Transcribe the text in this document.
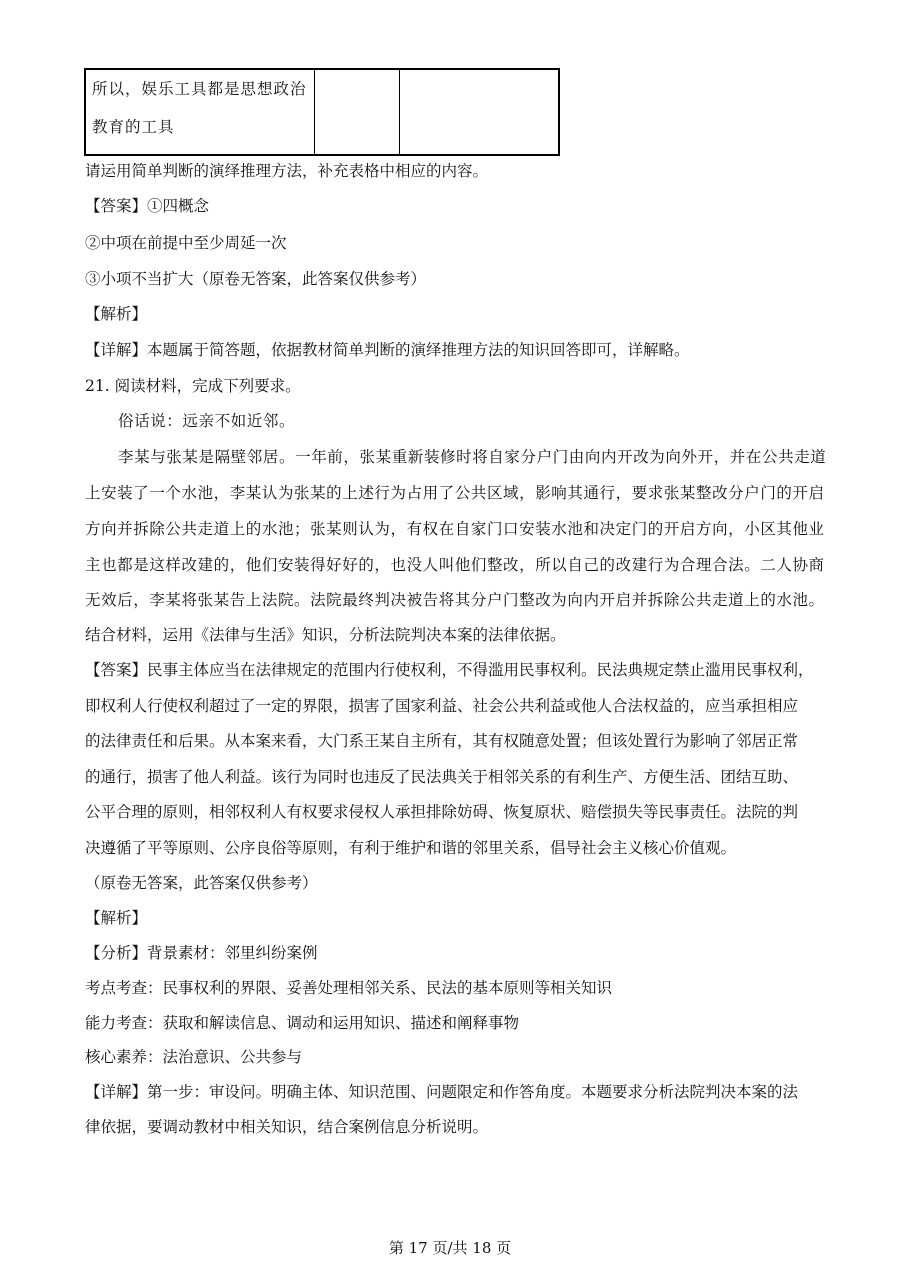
所以，娱乐工具都是思想政治
教育的工具

请运用简单判断的演绎推理方法，补充表格中相应的内容。
【答案】①四概念
②中项在前提中至少周延一次
③小项不当扩大（原卷无答案，此答案仅供参考）
【解析】
【详解】本题属于简答题，依据教材简单判断的演绎推理方法的知识回答即可，详解略。
21. 阅读材料，完成下列要求。
俗话说：远亲不如近邻。
李某与张某是隔壁邻居。一年前，张某重新装修时将自家分户门由向内开改为向外开，并在公共走道
上安装了一个水池，李某认为张某的上述行为占用了公共区域，影响其通行，要求张某整改分户门的开启
方向并拆除公共走道上的水池；张某则认为，有权在自家门口安装水池和决定门的开启方向，小区其他业
主也都是这样改建的，他们安装得好好的，也没人叫他们整改，所以自己的改建行为合理合法。二人协商
无效后，李某将张某告上法院。法院最终判决被告将其分户门整改为向内开启并拆除公共走道上的水池。
结合材料，运用《法律与生活》知识，分析法院判决本案的法律依据。
【答案】民事主体应当在法律规定的范围内行使权利，不得滥用民事权利。民法典规定禁止滥用民事权利，
即权利人行使权利超过了一定的界限，损害了国家利益、社会公共利益或他人合法权益的，应当承担相应
的法律责任和后果。从本案来看，大门系王某自主所有，其有权随意处置；但该处置行为影响了邻居正常
的通行，损害了他人利益。该行为同时也违反了民法典关于相邻关系的有利生产、方便生活、团结互助、
公平合理的原则，相邻权利人有权要求侵权人承担排除妨碍、恢复原状、赔偿损失等民事责任。法院的判
决遵循了平等原则、公序良俗等原则，有利于维护和谐的邻里关系，倡导社会主义核心价值观。
（原卷无答案，此答案仅供参考）
【解析】
【分析】背景素材：邻里纠纷案例
考点考查：民事权利的界限、妥善处理相邻关系、民法的基本原则等相关知识
能力考查：获取和解读信息、调动和运用知识、描述和阐释事物
核心素养：法治意识、公共参与
【详解】第一步：审设问。明确主体、知识范围、问题限定和作答角度。本题要求分析法院判决本案的法
律依据，要调动教材中相关知识，结合案例信息分析说明。
第 17 页/共 18 页
